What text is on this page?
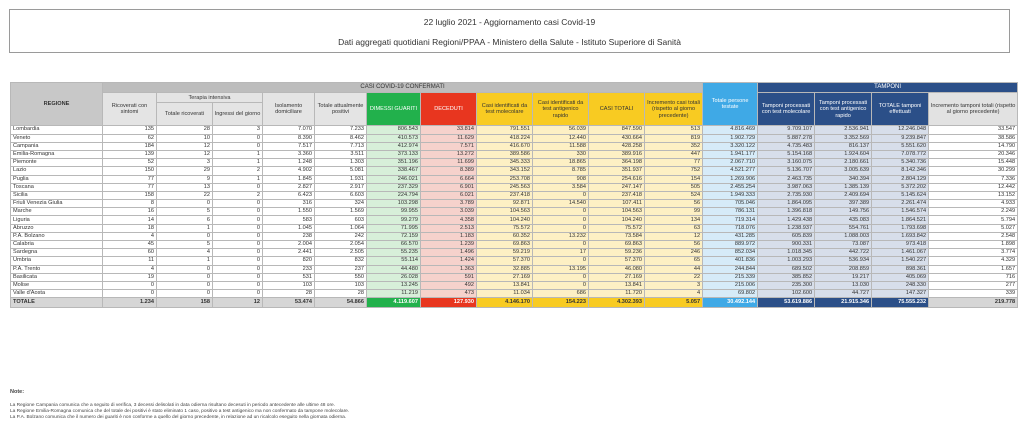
22 luglio 2021 - Aggiornamento casi Covid-19
Dati aggregati quotidiani Regioni/PPAA - Ministero della Salute - Istituto Superiore di Sanità
REGIONE	CASI COVID-19 CONFERMATI											Totale persone testate	TAMPONI			
	Ricoverati con sintomi	Terapia intensiva		Isolamento domiciliare	Totale attualmente positivi	DIMESSI GUARITI	DECEDUTI	Casi identificati da test molecolare	Casi identificati da test antigenico rapido	CASI TOTALI	Incremento casi totali (rispetto al giorno precedente)		Tamponi processati con test molecolare	Tamponi processati con test antigenico rapido	TOTALE tamponi effettuati	Incremento tamponi totali (rispetto al giorno precedente)
		Totale ricoverati	Ingressi del giorno													
Lombardia	135	28	3	7.070	7.233	806.543	33.814	791.551	56.039	847.590	513	4.816.469	9.709.107	2.536.941	12.246.048	33.547
Veneto	62	10	0	8.390	8.462	410.573	11.629	418.224	12.440	430.664	819	1.902.729	5.887.278	3.352.569	9.239.847	38.586
Campania	184	12	0	7.517	7.713	412.974	7.571	416.670	11.588	428.258	352	3.320.122	4.735.483	816.137	5.551.620	14.790
Emilia-Romagna	139	12	1	3.360	3.511	373.133	13.272	389.586	330	389.916	447	1.941.177	5.154.168	1.924.604	7.078.772	20.346
Piemonte	52	3	1	1.248	1.303	351.196	11.699	345.333	18.865	364.198	77	2.067.710	3.160.075	2.180.661	5.340.736	15.448
Lazio	150	29	2	4.902	5.081	338.467	8.389	343.152	8.785	351.937	752	4.521.277	5.136.707	3.005.639	8.142.346	30.299
Puglia	77	9	1	1.845	1.931	246.021	6.664	253.708	908	254.616	154	1.269.906	2.463.735	340.394	2.804.129	7.336
Toscana	77	13	0	2.827	2.917	237.329	6.901	245.563	3.584	247.147	505	2.455.254	3.987.063	1.385.139	5.372.202	12.442
Sicilia	158	22	2	6.423	6.603	224.794	6.021	237.418	0	237.418	524	1.949.333	2.735.930	2.409.694	5.145.624	13.152
Friuli Venezia Giulia	8	0	0	316	324	103.298	3.789	92.871	14.540	107.411	56	705.046	1.864.095	397.389	2.261.474	4.933
Marche	16	5	0	1.550	1.569	99.955	3.039	104.563	0	104.563	99	786.131	1.396.818	149.756	1.546.574	2.249
Liguria	14	6	0	583	603	99.279	4.358	104.240	0	104.240	134	719.314	1.429.438	435.083	1.864.521	5.794
Abruzzo	18	1	0	1.045	1.064	71.995	2.513	75.572	0	75.572	63	718.076	1.238.937	554.761	1.793.698	5.027
P.A. Bolzano	4	0	0	238	242	72.159	1.183	60.352	13.232	73.584	12	431.285	605.839	1.088.003	1.693.842	2.548
Calabria	45	5	0	2.004	2.054	66.570	1.239	69.863	0	69.863	56	889.972	900.331	73.087	973.418	1.898
Sardegna	60	4	0	2.441	2.505	55.235	1.496	59.219	17	59.236	246	852.034	1.018.345	442.722	1.461.067	3.774
Umbria	11	1	0	820	832	55.114	1.424	57.370	0	57.370	65	401.836	1.003.293	536.934	1.540.227	4.329
P.A. Trento	4	0	0	233	237	44.480	1.363	32.885	13.195	46.080	44	244.844	689.502	208.859	898.361	1.657
Basilicata	19	0	0	531	550	26.028	591	27.169	0	27.169	22	215.339	385.852	19.217	405.069	716
Molise	0	0	0	103	103	13.245	492	13.841	0	13.841	3	215.006	235.300	13.030	248.330	277
Valle d'Aosta	0	0	0	28	28	11.219	473	11.034	686	11.720	4	69.802	102.600	44.727	147.327	339
TOTALE	1.234	158	12	53.474	54.866	4.119.607	127.930	4.146.170	154.223	4.302.393	5.057	30.492.144	53.619.886	21.915.346	75.555.232	219.778
Note:
La Regione Campania comunica che a seguito di verifica, 3 decessi delisolati in data odierna risultano decesuti in periodo antecedente alle ultime 48 ore.
La Regione Emilia-Romagna comunica che del totale dei positivi è stato eliminato 1 caso, positivo a test antigenico ma non confermato da tampone molecolare.
La P.A. Bolzano comunica che il numero dei guariti è non conforme a quello del giorno precedente, in relazione ad un ricalcolo eseguito nella giornata odierna.
